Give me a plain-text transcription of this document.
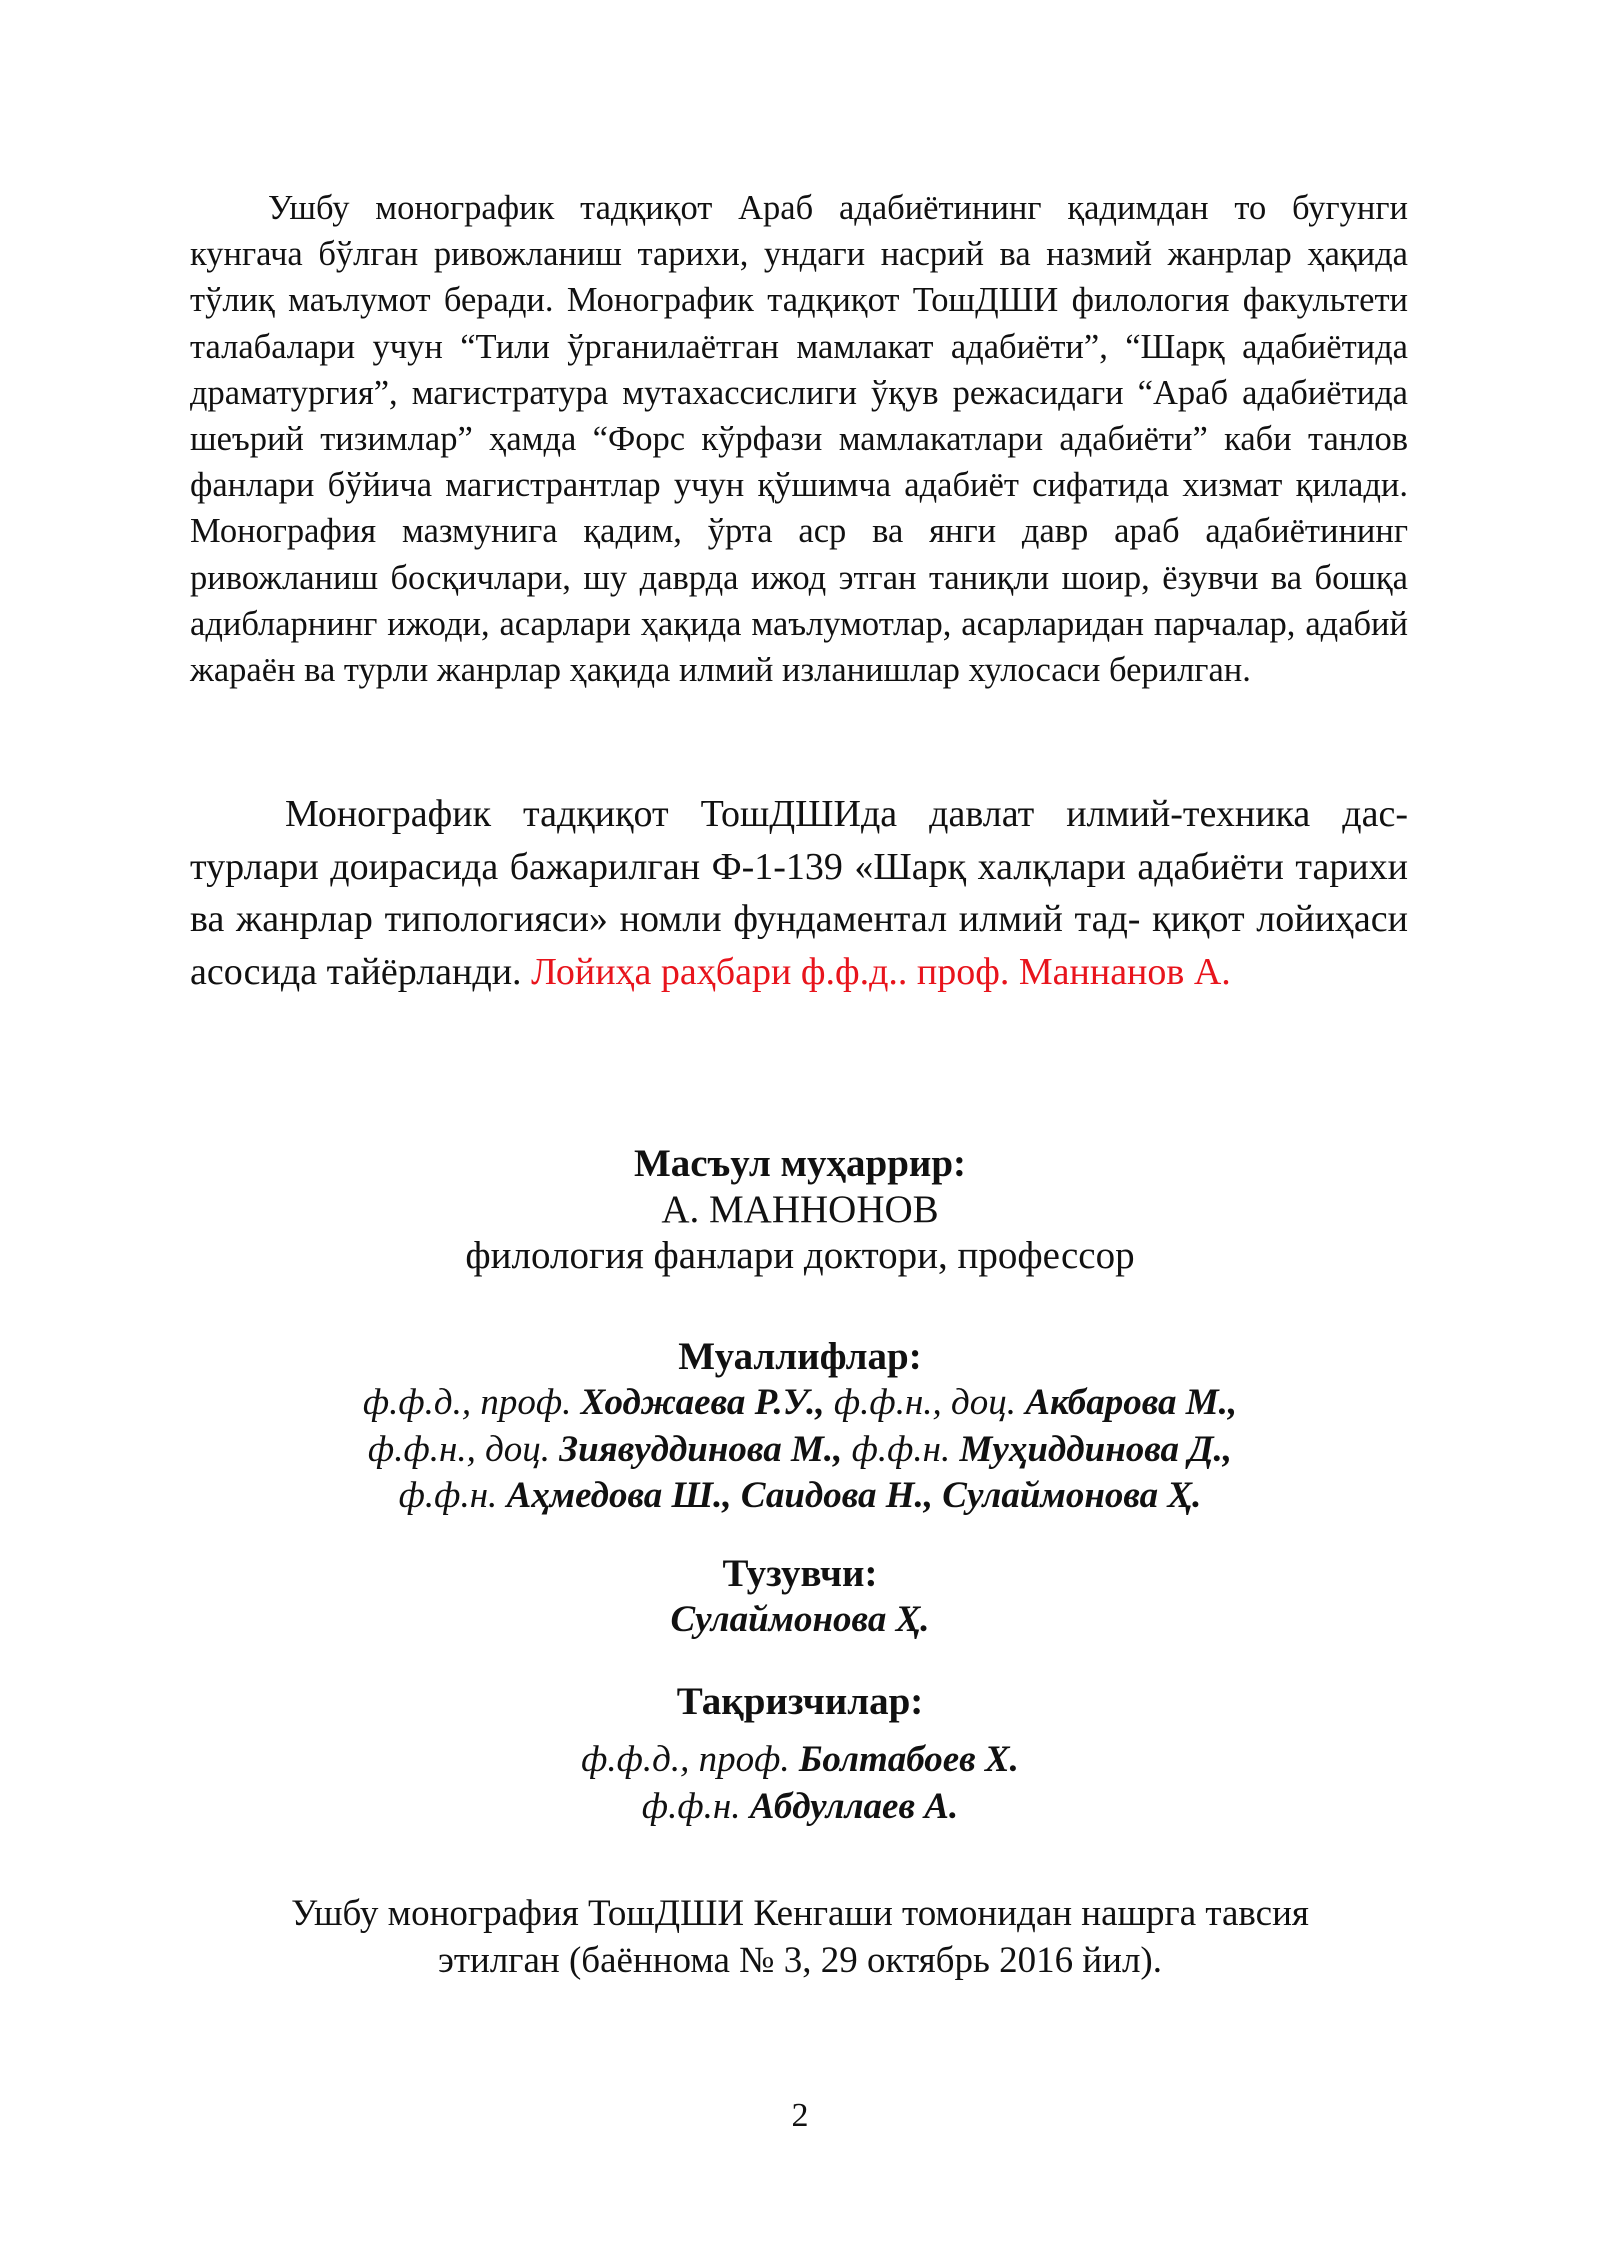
Ушбу монографик тадқиқот Араб адабиётининг қадимдан то бугунги кунгача бўлган ривожланиш тарихи, ундаги насрий ва назмий жанрлар ҳақида тўлиқ маълумот беради. Монографик тадқиқот ТошДШИ филология факультети талабалари учун “Тили ўрганилаётган мамлакат адабиёти”, “Шарқ адабиётида драматургия”, магистратура мутахассислиги ўқув режасидаги “Араб адабиётида шеърий тизимлар” ҳамда “Форс кўрфази мамлакатлари адабиёти” каби танлов фанлари бўйича магистрантлар учун қўшимча адабиёт сифатида хизмат қилади. Монография мазмунига қадим, ўрта аср ва янги давр араб адабиётининг ривожланиш босқичлари, шу даврда ижод этган таниқли шоир, ёзувчи ва бошқа адибларнинг ижоди, асарлари ҳақида маълумотлар, асарларидан парчалар, адабий жараён ва турли жанрлар ҳақида илмий изланишлар хулосаси берилган.

Монографик тадқиқот ТошДШИда давлат илмий-техника дас- турлари доирасида бажарилган Ф-1-139 «Шарқ халқлари адабиёти тарихи ва жанрлар типологияси» номли фундаментал илмий тад- қиқот лойиҳаси асосида тайёрланди. Лойиҳа раҳбари ф.ф.д.. проф. Маннанов А.

Масъул муҳаррир:
А. МАННОНОВ
филология фанлари доктори, профессор
Муаллифлар:
ф.ф.д., проф. Ходжаева Р.У., ф.ф.н., доц. Акбарова М.,
ф.ф.н., доц. Зиявуддинова М., ф.ф.н. Муҳиддинова Д.,
ф.ф.н. Аҳмедова Ш., Саидова Н., Сулаймонова Ҳ.
Тузувчи:
Сулаймонова Ҳ.
Тақризчилар:
ф.ф.д., проф. Болтабоев Х.
ф.ф.н. Абдуллаев А.
Ушбу монография ТошДШИ Кенгаши томонидан нашрга тавсия
этилган (баённома № 3, 29 октябрь 2016 йил).
2
